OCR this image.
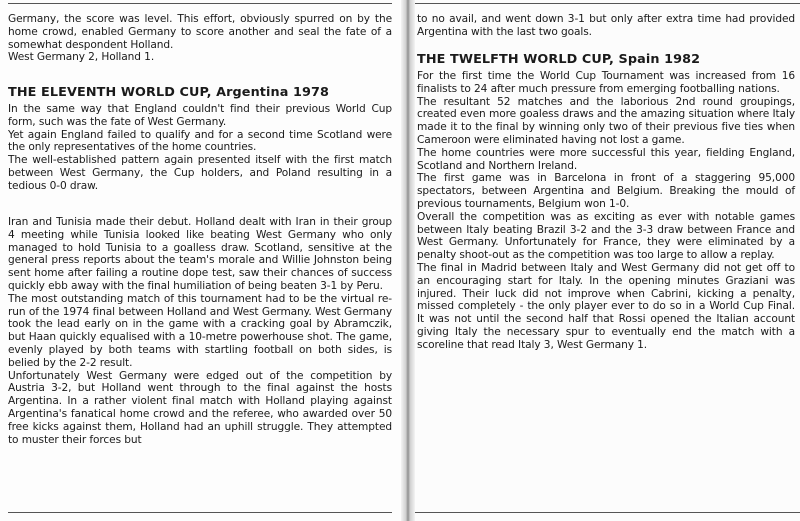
Germany, the score was level. This effort, obviously spurred on by the home crowd, enabled Germany to score another and seal the fate of a somewhat despondent Holland.

West Germany 2, Holland 1.

THE ELEVENTH WORLD CUP, Argentina 1978

In the same way that England couldn't find their previous World Cup form, such was the fate of West Germany.

Yet again England failed to qualify and for a second time Scotland were the only representatives of the home countries.

The well-established pattern again presented itself with the first match between West Germany, the Cup holders, and Poland resulting in a tedious 0-0 draw.

Iran and Tunisia made their debut. Holland dealt with Iran in their group 4 meeting while Tunisia looked like beating West Germany who only managed to hold Tunisia to a goalless draw. Scotland, sensitive at the general press reports about the team's morale and Willie Johnston being sent home after failing a routine dope test, saw their chances of success quickly ebb away with the final humiliation of being beaten 3-1 by Peru.

The most outstanding match of this tournament had to be the virtual re-run of the 1974 final between Holland and West Germany. West Germany took the lead early on in the game with a cracking goal by Abramczik, but Haan quickly equalised with a 10-metre powerhouse shot. The game, evenly played by both teams with startling football on both sides, is belied by the 2-2 result.

Unfortunately West Germany were edged out of the competition by Austria 3-2, but Holland went through to the final against the hosts Argentina. In a rather violent final match with Holland playing against Argentina's fanatical home crowd and the referee, who awarded over 50 free kicks against them, Holland had an uphill struggle. They attempted to muster their forces but

to no avail, and went down 3-1 but only after extra time had provided Argentina with the last two goals.

THE TWELFTH WORLD CUP, Spain 1982

For the first time the World Cup Tournament was increased from 16 finalists to 24 after much pressure from emerging footballing nations.

The resultant 52 matches and the laborious 2nd round groupings, created even more goaless draws and the amazing situation where Italy made it to the final by winning only two of their previous five ties when Cameroon were eliminated having not lost a game.

The home countries were more successful this year, fielding England, Scotland and Northern Ireland.

The first game was in Barcelona in front of a staggering 95,000 spectators, between Argentina and Belgium. Breaking the mould of previous tournaments, Belgium won 1-0.

Overall the competition was as exciting as ever with notable games between Italy beating Brazil 3-2 and the 3-3 draw between France and West Germany. Unfortunately for France, they were eliminated by a penalty shoot-out as the competition was too large to allow a replay.

The final in Madrid between Italy and West Germany did not get off to an encouraging start for Italy. In the opening minutes Graziani was injured. Their luck did not improve when Cabrini, kicking a penalty, missed completely - the only player ever to do so in a World Cup Final. It was not until the second half that Rossi opened the Italian account giving Italy the necessary spur to eventually end the match with a scoreline that read Italy 3, West Germany 1.
